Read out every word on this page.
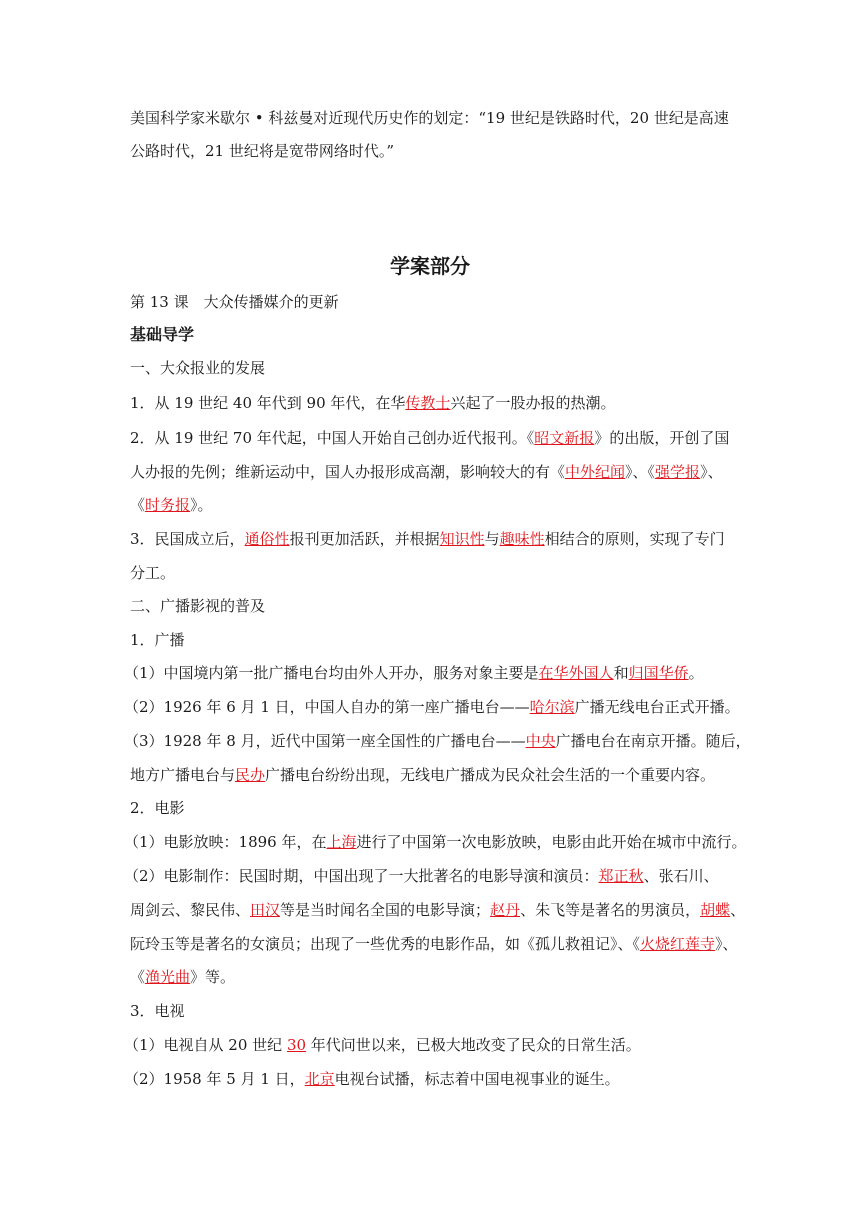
美国科学家米歇尔 • 科兹曼对近现代历史作的划定：“19 世纪是铁路时代，20 世纪是高速
公路时代，21 世纪将是宽带网络时代。”
学案部分
第 13 课　大众传播媒介的更新
基础导学
一、大众报业的发展
1．从 19 世纪 40 年代到 90 年代，在华传教士兴起了一股办报的热潮。
2．从 19 世纪 70 年代起，中国人开始自己创办近代报刊。《昭文新报》的出版，开创了国
人办报的先例；维新运动中，国人办报形成高潮，影响较大的有《中外纪闻》、《强学报》、
《时务报》。
3．民国成立后，通俗性报刊更加活跃，并根据知识性与趣味性相结合的原则，实现了专门
分工。
二、广播影视的普及
1．广播
（1）中国境内第一批广播电台均由外人开办，服务对象主要是在华外国人和归国华侨。
（2）1926 年 6 月 1 日，中国人自办的第一座广播电台——哈尔滨广播无线电台正式开播。
（3）1928 年 8 月，近代中国第一座全国性的广播电台——中央广播电台在南京开播。随后，
地方广播电台与民办广播电台纷纷出现，无线电广播成为民众社会生活的一个重要内容。
2．电影
（1）电影放映：1896 年，在上海进行了中国第一次电影放映，电影由此开始在城市中流行。
（2）电影制作：民国时期，中国出现了一大批著名的电影导演和演员：郑正秋、张石川、
周剑云、黎民伟、田汉等是当时闻名全国的电影导演；赵丹、朱飞等是著名的男演员，胡蝶、
阮玲玉等是著名的女演员；出现了一些优秀的电影作品，如《孤儿救祖记》、《火烧红莲寺》、
《渔光曲》等。
3．电视
（1）电视自从 20 世纪 30 年代问世以来，已极大地改变了民众的日常生活。
（2）1958 年 5 月 1 日，北京电视台试播，标志着中国电视事业的诞生。
